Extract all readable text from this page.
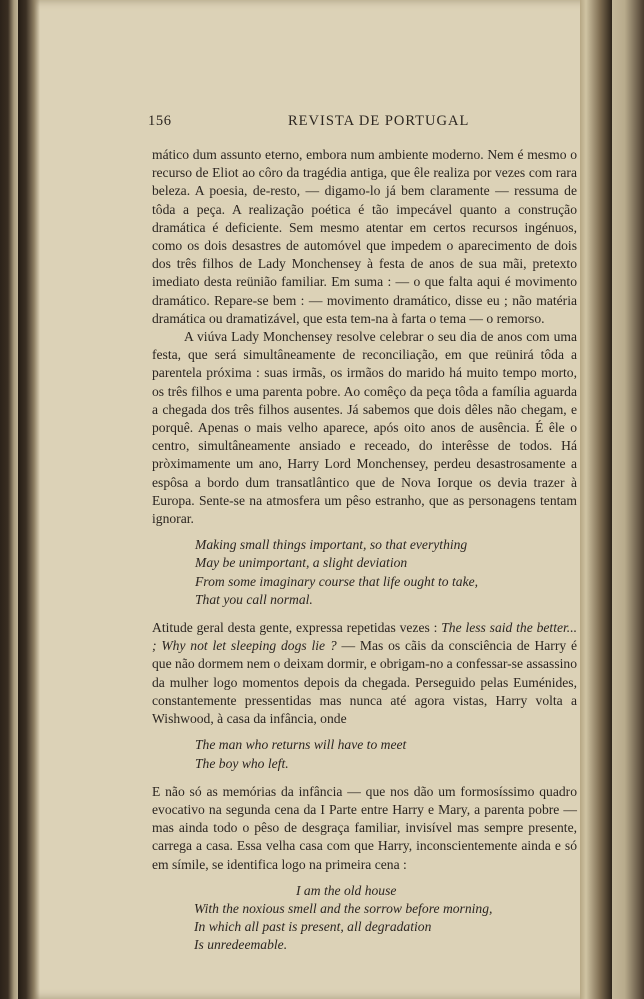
156	REVISTA DE PORTUGAL

mático dum assunto eterno, embora num ambiente moderno. Nem é mesmo o recurso de Eliot ao côro da tragédia antiga, que êle realiza por vezes com rara beleza. A poesia, de-resto, — digamo-lo já bem claramente — ressuma de tôda a peça. A realização poética é tão impecável quanto a construção dramática é deficiente. Sem mesmo atentar em certos recursos ingénuos, como os dois desastres de automóvel que impedem o aparecimento de dois dos três filhos de Lady Monchensey à festa de anos de sua mãi, pretexto imediato desta reünião familiar. Em suma : — o que falta aqui é movimento dramático. Repare-se bem : — movimento dramático, disse eu ; não matéria dramática ou dramatizável, que esta tem-na à farta o tema — o remorso.

A viúva Lady Monchensey resolve celebrar o seu dia de anos com uma festa, que será simultâneamente de reconciliação, em que reünirá tôda a parentela próxima : suas irmãs, os irmãos do marido há muito tempo morto, os três filhos e uma parenta pobre. Ao comêço da peça tôda a família aguarda a chegada dos três filhos ausentes. Já sabemos que dois dêles não chegam, e porquê. Apenas o mais velho aparece, após oito anos de ausência. É êle o centro, simultâneamente ansiado e receado, do interêsse de todos. Há pròximamente um ano, Harry Lord Monchensey, perdeu desastrosamente a espôsa a bordo dum transatlântico que de Nova Iorque os devia trazer à Europa. Sente-se na atmosfera um pêso estranho, que as personagens tentam ignorar.

Making small things important, so that everything
May be unimportant, a slight deviation
From some imaginary course that life ought to take,
That you call normal.

Atitude geral desta gente, expressa repetidas vezes : The less said the better... ; Why not let sleeping dogs lie ? — Mas os cãis da consciência de Harry é que não dormem nem o deixam dormir, e obrigam-no a confessar-se assassino da mulher logo momentos depois da chegada. Perseguido pelas Euménides, constantemente pressentidas mas nunca até agora vistas, Harry volta a Wishwood, à casa da infância, onde

The man who returns will have to meet
The boy who left.

E não só as memórias da infância — que nos dão um formosíssimo quadro evocativo na segunda cena da I Parte entre Harry e Mary, a parenta pobre — mas ainda todo o pêso de desgraça familiar, invisível mas sempre presente, carrega a casa. Essa velha casa com que Harry, inconscientemente ainda e só em símile, se identifica logo na primeira cena :

I am the old house
With the noxious smell and the sorrow before morning,
In which all past is present, all degradation
Is unredeemable.
